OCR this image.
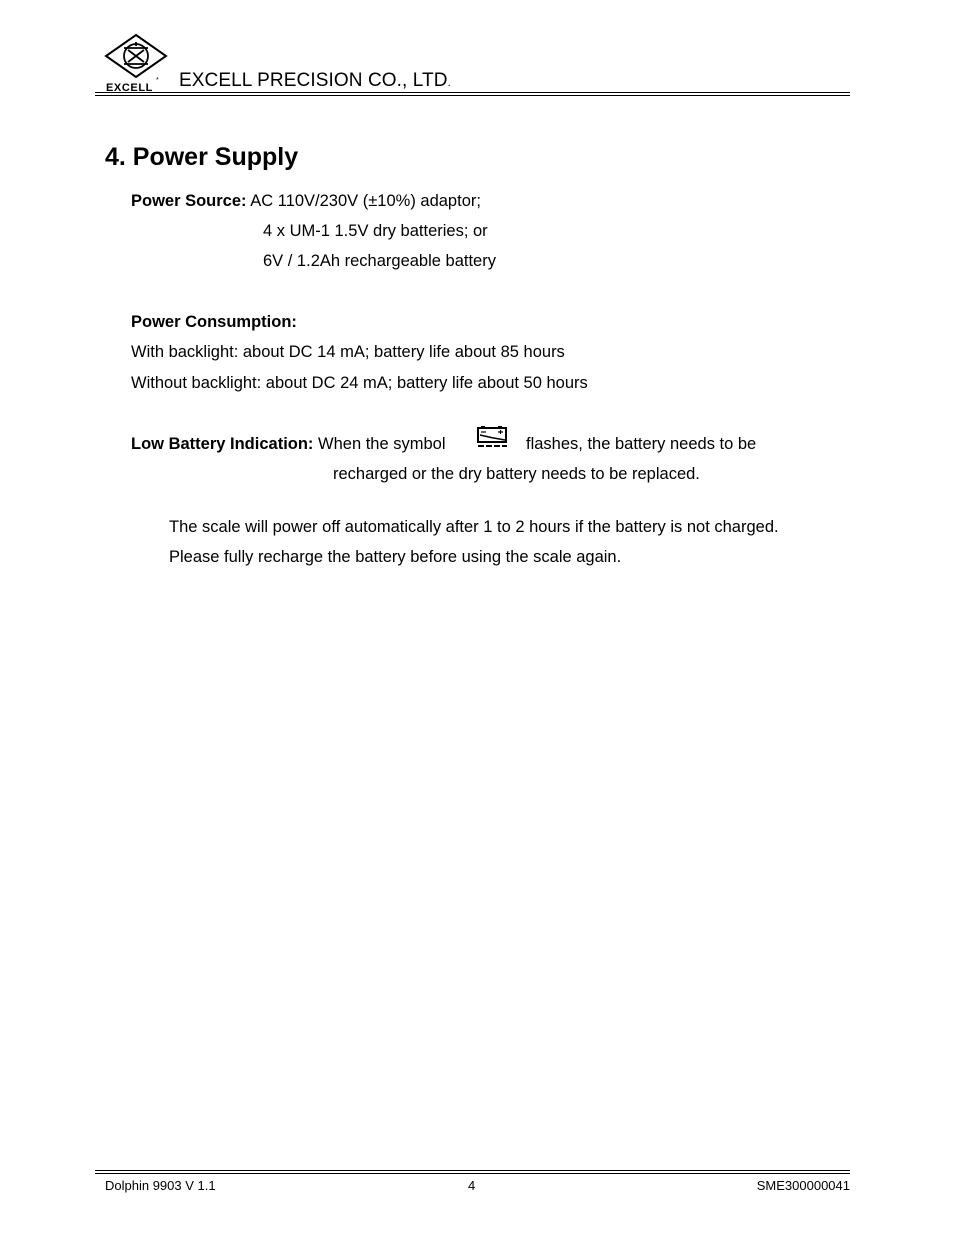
EXCELL
* EXCELL PRECISION CO., LTD.
4. Power Supply
Power Source: AC 110V/230V (±10%) adaptor;
4 x UM-1 1.5V dry batteries; or
6V / 1.2Ah rechargeable battery
Power Consumption:
With backlight: about DC 14 mA; battery life about 85 hours
Without backlight: about DC 24 mA; battery life about 50 hours
Low Battery Indication: When the symbol	flashes, the battery needs to be
recharged or the dry battery needs to be replaced.
The scale will power off automatically after 1 to 2 hours if the battery is not charged.
Please fully recharge the battery before using the scale again.
Dolphin 9903 V 1.1	4	SME300000041
